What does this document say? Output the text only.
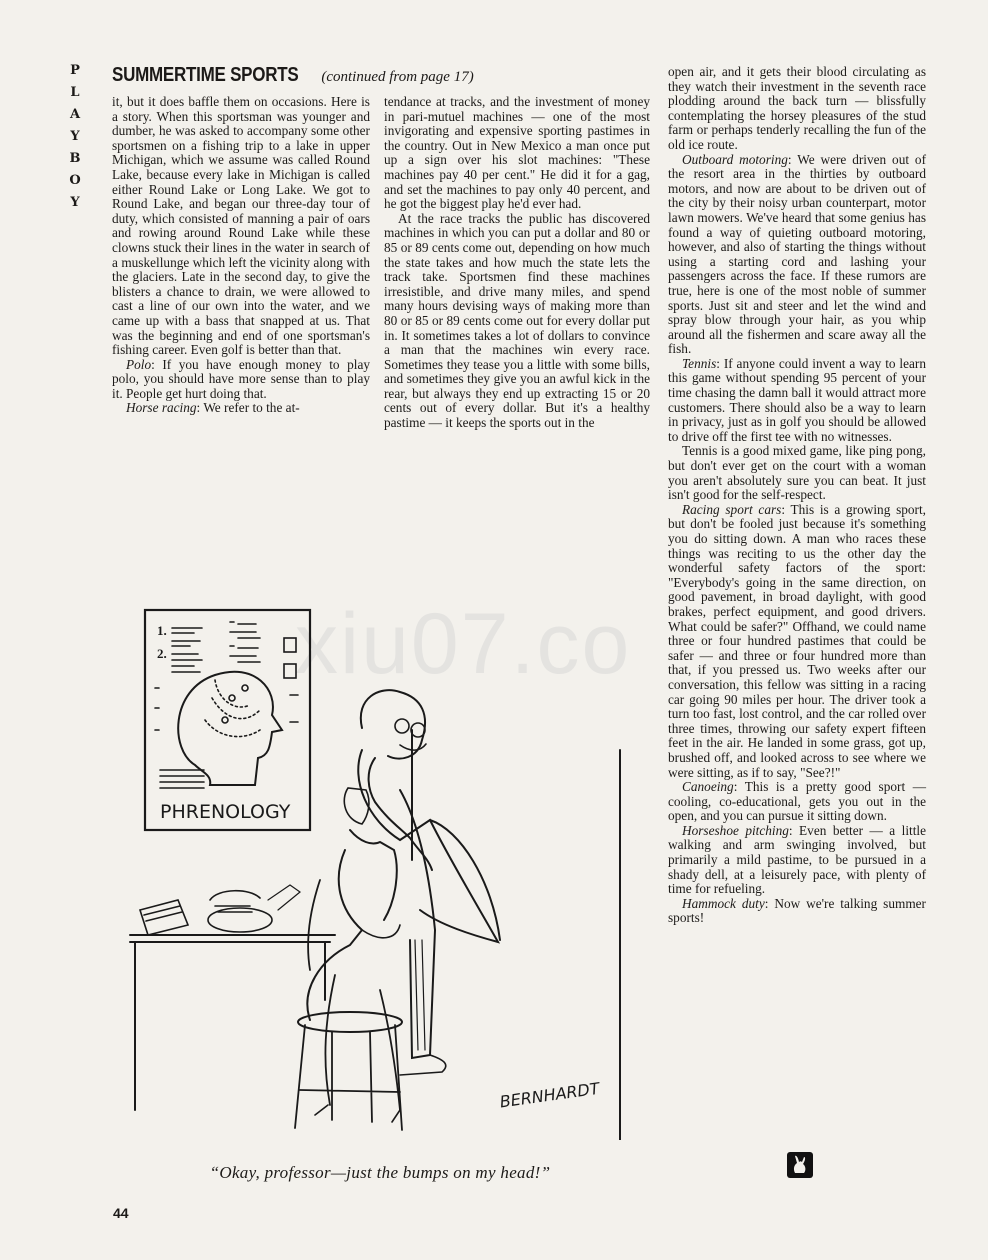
P
L
A
Y
B
O
Y
SUMMERTIME SPORTS (continued from page 17)

it, but it does baffle them on occasions. Here is a story. When this sportsman was younger and dumber, he was asked to accompany some other sportsmen on a fishing trip to a lake in upper Michigan, which we assume was called Round Lake, because every lake in Michigan is called either Round Lake or Long Lake. We got to Round Lake, and began our three-day tour of duty, which consisted of manning a pair of oars and rowing around Round Lake while these clowns stuck their lines in the water in search of a muskellunge which left the vicinity along with the glaciers. Late in the second day, to give the blisters a chance to drain, we were allowed to cast a line of our own into the water, and we came up with a bass that snapped at us. That was the beginning and end of one sportsman's fishing career. Even golf is better than that.

Polo: If you have enough money to play polo, you should have more sense than to play it. People get hurt doing that.

Horse racing: We refer to the at-

tendance at tracks, and the investment of money in pari-mutuel machines — one of the most invigorating and expensive sporting pastimes in the country. Out in New Mexico a man once put up a sign over his slot machines: "These machines pay 40 per cent." He did it for a gag, and set the machines to pay only 40 percent, and he got the biggest play he'd ever had.

At the race tracks the public has discovered machines in which you can put a dollar and 80 or 85 or 89 cents come out, depending on how much the state takes and how much the state lets the track take. Sportsmen find these machines irresistible, and drive many miles, and spend many hours devising ways of making more than 80 or 85 or 89 cents come out for every dollar put in. It sometimes takes a lot of dollars to convince a man that the machines win every race. Sometimes they tease you a little with some bills, and sometimes they give you an awful kick in the rear, but always they end up extracting 15 or 20 cents out of every dollar. But it's a healthy pastime — it keeps the sports out in the

open air, and it gets their blood circulating as they watch their investment in the seventh race plodding around the back turn — blissfully contemplating the horsey pleasures of the stud farm or perhaps tenderly recalling the fun of the old ice route.

Outboard motoring: We were driven out of the resort area in the thirties by outboard motors, and now are about to be driven out of the city by their noisy urban counterpart, motor lawn mowers. We've heard that some genius has found a way of quieting outboard motoring, however, and also of starting the things without using a starting cord and lashing your passengers across the face. If these rumors are true, here is one of the most noble of summer sports. Just sit and steer and let the wind and spray blow through your hair, as you whip around all the fishermen and scare away all the fish.

Tennis: If anyone could invent a way to learn this game without spending 95 percent of your time chasing the damn ball it would attract more customers. There should also be a way to learn in privacy, just as in golf you should be allowed to drive off the first tee with no witnesses.

Tennis is a good mixed game, like ping pong, but don't ever get on the court with a woman you aren't absolutely sure you can beat. It just isn't good for the self-respect.

Racing sport cars: This is a growing sport, but don't be fooled just because it's something you do sitting down. A man who races these things was reciting to us the other day the wonderful safety factors of the sport: "Everybody's going in the same direction, on good pavement, in broad daylight, with good brakes, perfect equipment, and good drivers. What could be safer?" Offhand, we could name three or four hundred pastimes that could be safer — and three or four hundred more than that, if you pressed us. Two weeks after our conversation, this fellow was sitting in a racing car going 90 miles per hour. The driver took a turn too fast, lost control, and the car rolled over three times, throwing our safety expert fifteen feet in the air. He landed in some grass, got up, brushed off, and looked across to see where we were sitting, as if to say, "See?!"

Canoeing: This is a pretty good sport — cooling, co-educational, gets you out in the open, and you can pursue it sitting down.

Horseshoe pitching: Even better — a little walking and arm swinging involved, but primarily a mild pastime, to be pursued in a shady dell, at a leisurely pace, with plenty of time for refueling.

Hammock duty: Now we're talking summer sports!

xiu07.co
1.
2.
PHRENOLOGY
BERNHARDT
“Okay, professor—just the bumps on my head!”
44
